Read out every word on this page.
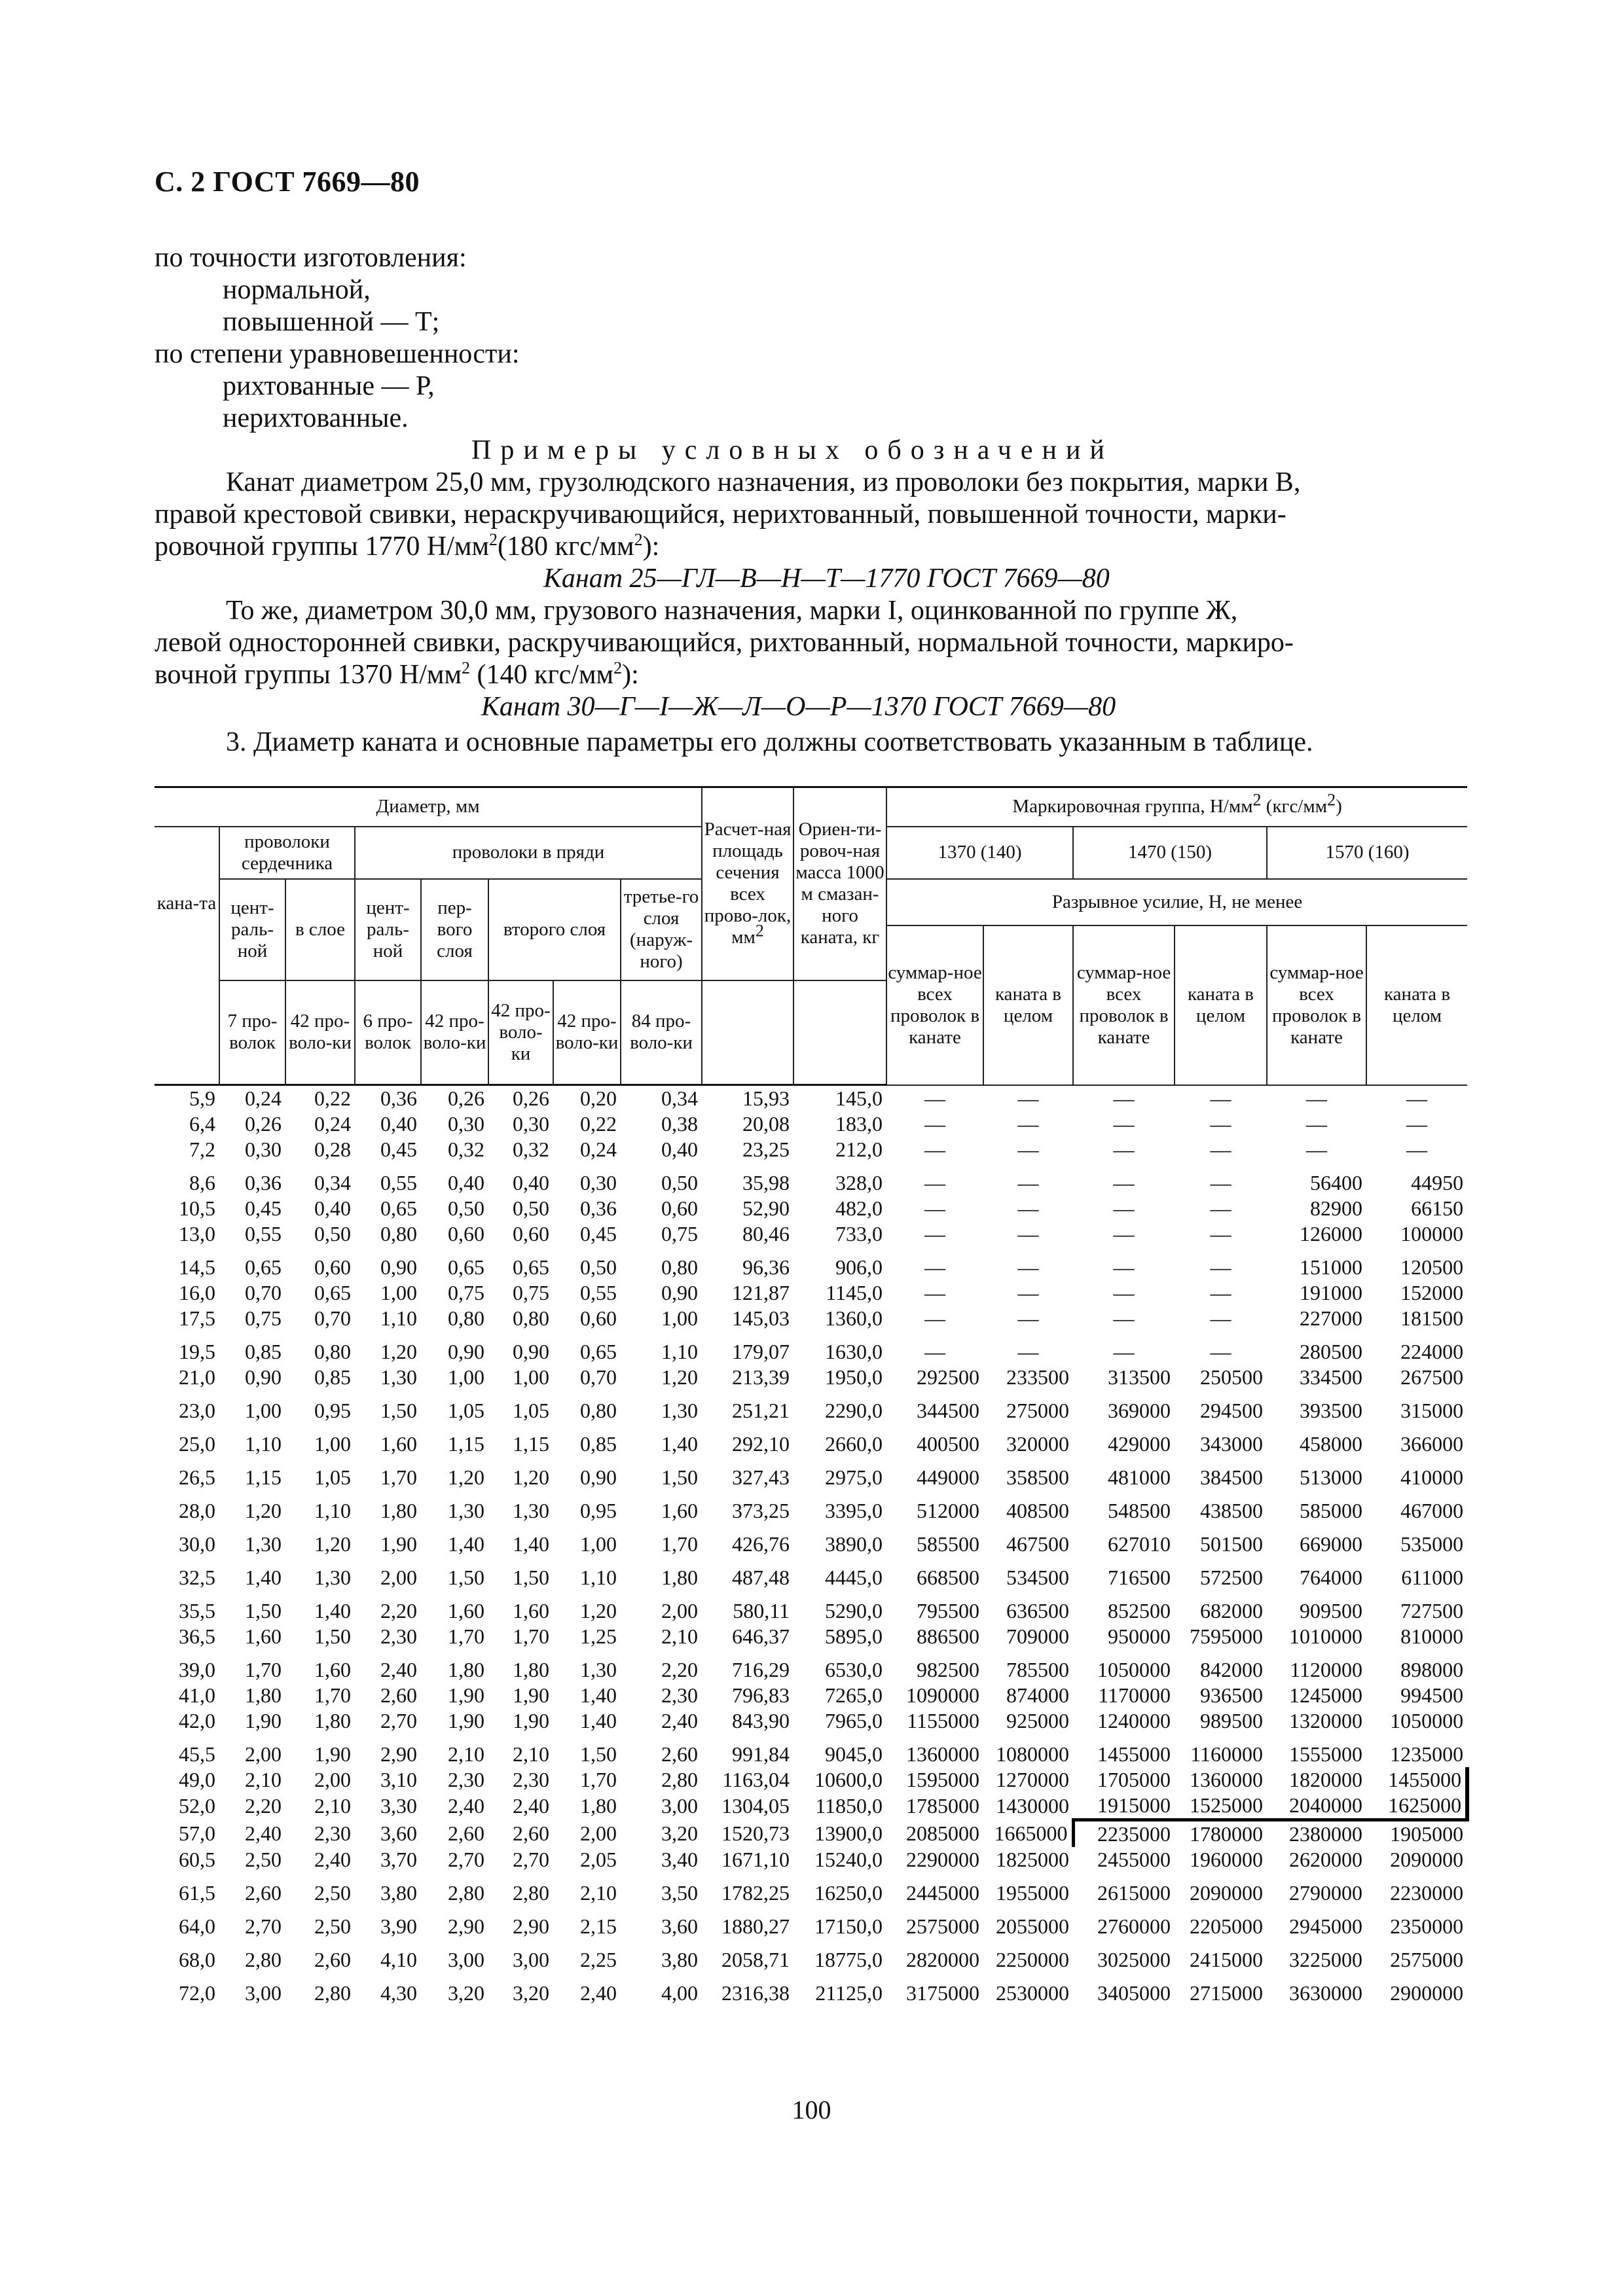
С. 2 ГОСТ 7669—80
по точности изготовления:
нормальной,
повышенной — Т;
по степени уравновешенности:
рихтованные — Р,
нерихтованные.
Примеры условных обозначений
Канат диаметром 25,0 мм, грузолюдского назначения, из проволоки без покрытия, марки В,
правой крестовой свивки, нераскручивающийся, нерихтованный, повышенной точности, марки-
ровочной группы 1770 $Н/мм^2(180$ кгс/$мм^2$):
Канат 25—ГЛ—В—Н—Т—1770 ГОСТ 7669—80
То же, диаметром 30,0 мм, грузового назначения, марки I, оцинкованной по группе Ж,
левой односторонней свивки, раскручивающийся, рихтованный, нормальной точности, маркиро-
вочной группы 1370 $Н/мм^2$ (140 кгс/$мм^2$):
Канат 30—Г—I—Ж—Л—О—Р—1370 ГОСТ 7669—80
3. Диаметр каната и основные параметры его должны соответствовать указанным в таблице.
Диаметр, мм								Расчет-ная площадь сечения всех прово-лок, $мм^2$	Ориен-ти-ровоч-ная масса 1000 м смазан-ного каната, кг	Маркировочная группа, $Н/мм^2$ $(кгс/мм^2)$					
кана-та	проволоки сердечника		проволоки в пряди							1370 (140)		1470 (150)		1570 (160)	
	цент-раль-ной	в слое	цент-раль-ной	пер-вого слоя	второго слоя		третье-го слоя (наруж-ного)			Разрывное усилие, Н, не менее					
										суммар-ное всех проволок в канате	каната в целом	суммар-ное всех проволок в канате	каната в целом	суммар-ное всех проволок в канате	каната в целом
	7 про-волок	42 про-воло-ки	6 про-волок	42 про-воло-ки	42 про-воло-ки	42 про-воло-ки	84 про-воло-ки								
5,9	0,24	0,22	0,36	0,26	0,26	0,20	0,34	15,93	145,0	—	—	—	—	—	—
6,4	0,26	0,24	0,40	0,30	0,30	0,22	0,38	20,08	183,0	—	—	—	—	—	—
7,2	0,30	0,28	0,45	0,32	0,32	0,24	0,40	23,25	212,0	—	—	—	—	—	—

8,6	0,36	0,34	0,55	0,40	0,40	0,30	0,50	35,98	328,0	—	—	—	—	56400	44950
10,5	0,45	0,40	0,65	0,50	0,50	0,36	0,60	52,90	482,0	—	—	—	—	82900	66150
13,0	0,55	0,50	0,80	0,60	0,60	0,45	0,75	80,46	733,0	—	—	—	—	126000	100000

14,5	0,65	0,60	0,90	0,65	0,65	0,50	0,80	96,36	906,0	—	—	—	—	151000	120500
16,0	0,70	0,65	1,00	0,75	0,75	0,55	0,90	121,87	1145,0	—	—	—	—	191000	152000
17,5	0,75	0,70	1,10	0,80	0,80	0,60	1,00	145,03	1360,0	—	—	—	—	227000	181500

19,5	0,85	0,80	1,20	0,90	0,90	0,65	1,10	179,07	1630,0	—	—	—	—	280500	224000
21,0	0,90	0,85	1,30	1,00	1,00	0,70	1,20	213,39	1950,0	292500	233500	313500	250500	334500	267500

23,0	1,00	0,95	1,50	1,05	1,05	0,80	1,30	251,21	2290,0	344500	275000	369000	294500	393500	315000

25,0	1,10	1,00	1,60	1,15	1,15	0,85	1,40	292,10	2660,0	400500	320000	429000	343000	458000	366000

26,5	1,15	1,05	1,70	1,20	1,20	0,90	1,50	327,43	2975,0	449000	358500	481000	384500	513000	410000

28,0	1,20	1,10	1,80	1,30	1,30	0,95	1,60	373,25	3395,0	512000	408500	548500	438500	585000	467000

30,0	1,30	1,20	1,90	1,40	1,40	1,00	1,70	426,76	3890,0	585500	467500	627010	501500	669000	535000

32,5	1,40	1,30	2,00	1,50	1,50	1,10	1,80	487,48	4445,0	668500	534500	716500	572500	764000	611000

35,5	1,50	1,40	2,20	1,60	1,60	1,20	2,00	580,11	5290,0	795500	636500	852500	682000	909500	727500
36,5	1,60	1,50	2,30	1,70	1,70	1,25	2,10	646,37	5895,0	886500	709000	950000	7595000	1010000	810000

39,0	1,70	1,60	2,40	1,80	1,80	1,30	2,20	716,29	6530,0	982500	785500	1050000	842000	1120000	898000
41,0	1,80	1,70	2,60	1,90	1,90	1,40	2,30	796,83	7265,0	1090000	874000	1170000	936500	1245000	994500
42,0	1,90	1,80	2,70	1,90	1,90	1,40	2,40	843,90	7965,0	1155000	925000	1240000	989500	1320000	1050000

45,5	2,00	1,90	2,90	2,10	2,10	1,50	2,60	991,84	9045,0	1360000	1080000	1455000	1160000	1555000	1235000
49,0	2,10	2,00	3,10	2,30	2,30	1,70	2,80	1163,04	10600,0	1595000	1270000	1705000	1360000	1820000	1455000
52,0	2,20	2,10	3,30	2,40	2,40	1,80	3,00	1304,05	11850,0	1785000	1430000	1915000	1525000	2040000	1625000
57,0	2,40	2,30	3,60	2,60	2,60	2,00	3,20	1520,73	13900,0	2085000	1665000	2235000	1780000	2380000	1905000
60,5	2,50	2,40	3,70	2,70	2,70	2,05	3,40	1671,10	15240,0	2290000	1825000	2455000	1960000	2620000	2090000

61,5	2,60	2,50	3,80	2,80	2,80	2,10	3,50	1782,25	16250,0	2445000	1955000	2615000	2090000	2790000	2230000

64,0	2,70	2,50	3,90	2,90	2,90	2,15	3,60	1880,27	17150,0	2575000	2055000	2760000	2205000	2945000	2350000

68,0	2,80	2,60	4,10	3,00	3,00	2,25	3,80	2058,71	18775,0	2820000	2250000	3025000	2415000	3225000	2575000

72,0	3,00	2,80	4,30	3,20	3,20	2,40	4,00	2316,38	21125,0	3175000	2530000	3405000	2715000	3630000	2900000
100
